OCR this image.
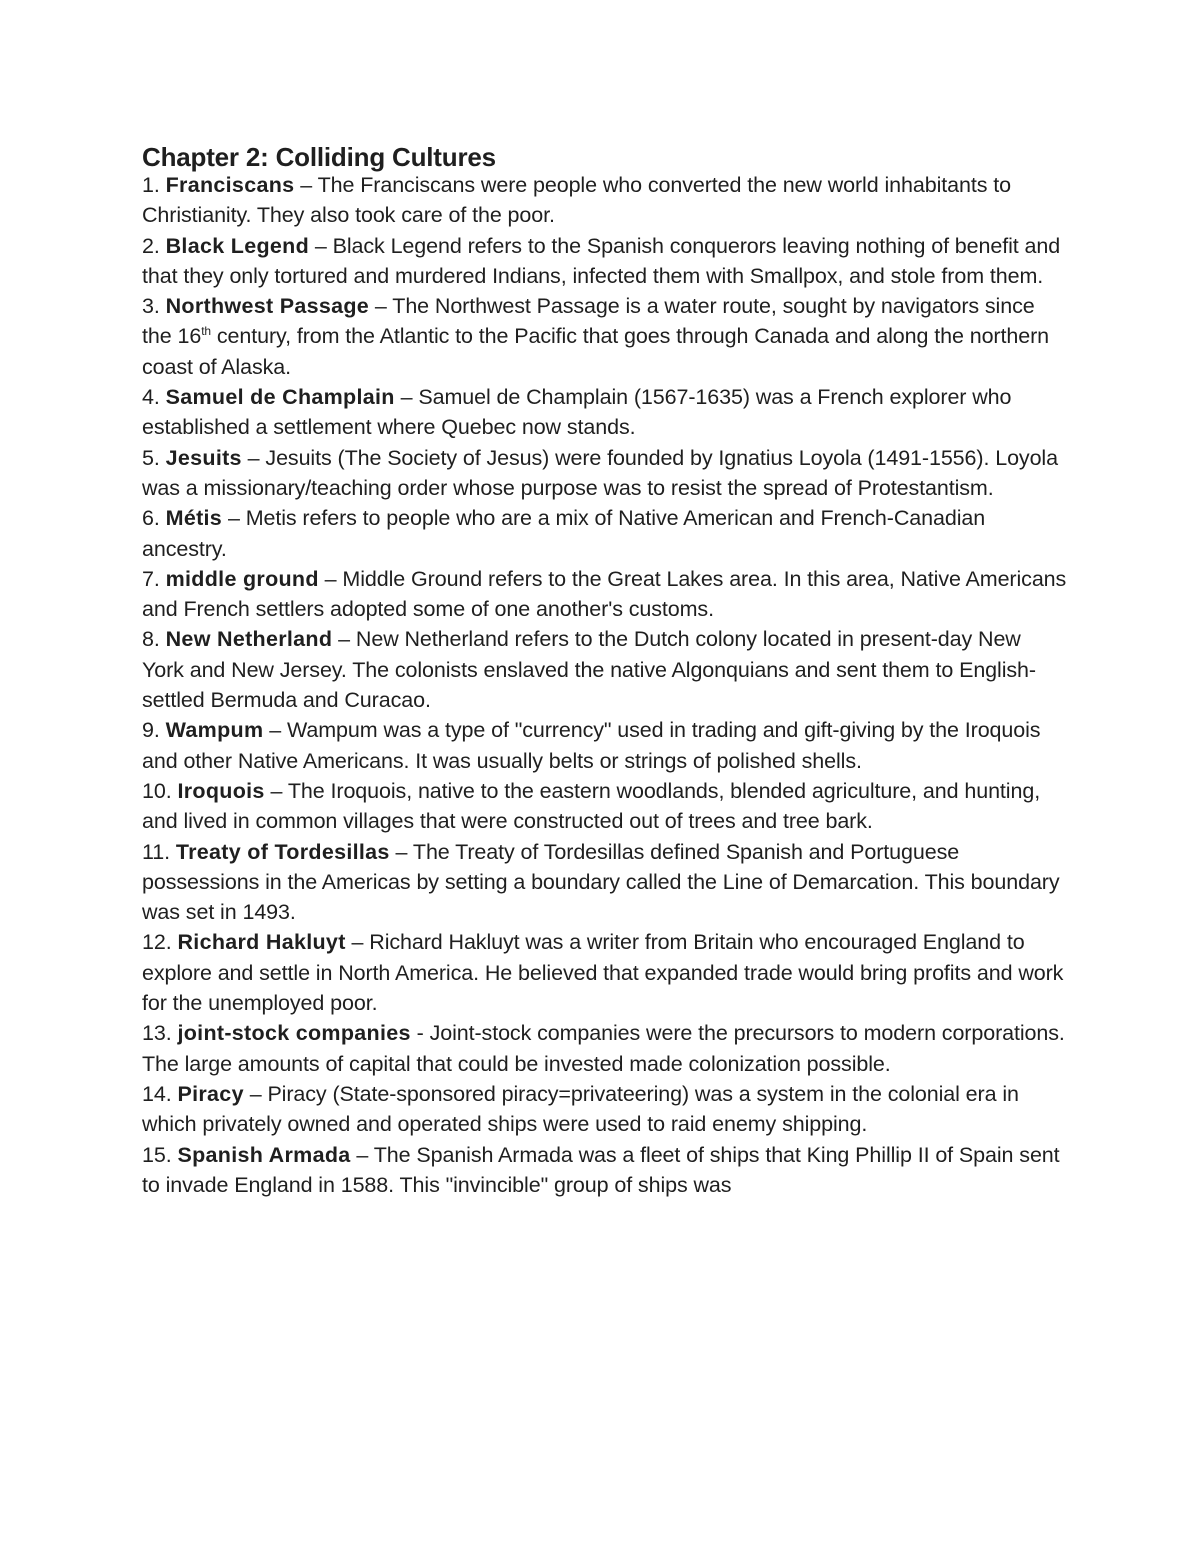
Chapter 2: Colliding Cultures

1. Franciscans – The Franciscans were people who converted the new world inhabitants to Christianity. They also took care of the poor.

2. Black Legend – Black Legend refers to the Spanish conquerors leaving nothing of benefit and that they only tortured and murdered Indians, infected them with Smallpox, and stole from them.

3. Northwest Passage – The Northwest Passage is a water route, sought by navigators since the 16th century, from the Atlantic to the Pacific that goes through Canada and along the northern coast of Alaska.

4. Samuel de Champlain – Samuel de Champlain (1567-1635) was a French explorer who established a settlement where Quebec now stands.

5. Jesuits – Jesuits (The Society of Jesus) were founded by Ignatius Loyola (1491-1556). Loyola was a missionary/teaching order whose purpose was to resist the spread of Protestantism.

6. Métis – Metis refers to people who are a mix of Native American and French-Canadian ancestry.

7. middle ground – Middle Ground refers to the Great Lakes area. In this area, Native Americans and French settlers adopted some of one another's customs.

8. New Netherland – New Netherland refers to the Dutch colony located in present-day New York and New Jersey. The colonists enslaved the native Algonquians and sent them to English-settled Bermuda and Curacao.

9. Wampum – Wampum was a type of "currency" used in trading and gift-giving by the Iroquois and other Native Americans. It was usually belts or strings of polished shells.

10. Iroquois – The Iroquois, native to the eastern woodlands, blended agriculture, and hunting, and lived in common villages that were constructed out of trees and tree bark.

11. Treaty of Tordesillas – The Treaty of Tordesillas defined Spanish and Portuguese possessions in the Americas by setting a boundary called the Line of Demarcation. This boundary was set in 1493.

12. Richard Hakluyt – Richard Hakluyt was a writer from Britain who encouraged England to explore and settle in North America. He believed that expanded trade would bring profits and work for the unemployed poor.

13. joint-stock companies - Joint-stock companies were the precursors to modern corporations. The large amounts of capital that could be invested made colonization possible.

14. Piracy – Piracy (State-sponsored piracy=privateering) was a system in the colonial era in which privately owned and operated ships were used to raid enemy shipping.

15. Spanish Armada – The Spanish Armada was a fleet of ships that King Phillip II of Spain sent to invade England in 1588. This "invincible" group of ships was
